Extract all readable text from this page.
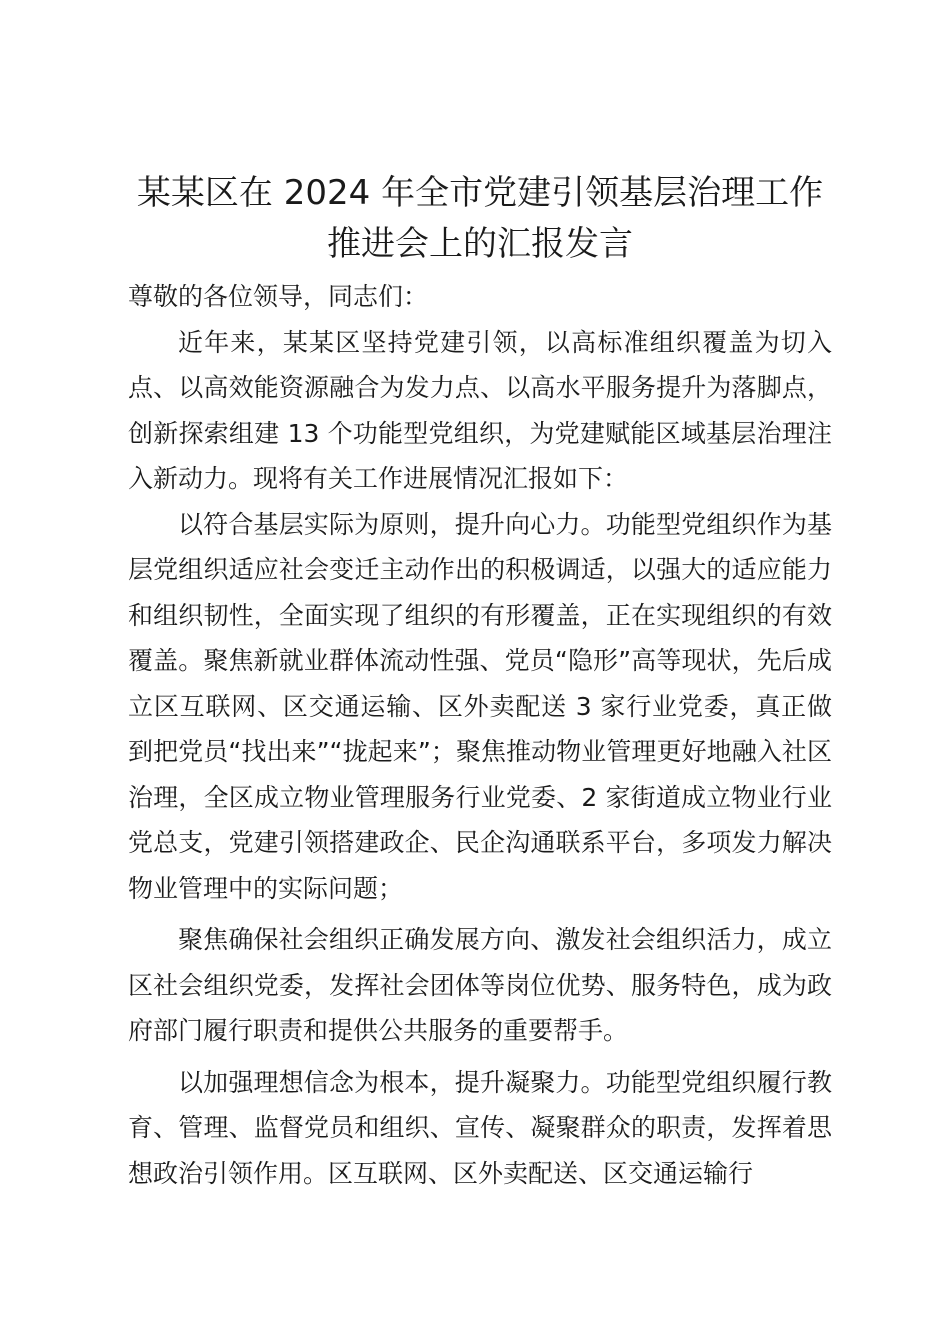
某某区在 2024 年全市党建引领基层治理工作
推进会上的汇报发言

尊敬的各位领导，同志们：

近年来，某某区坚持党建引领，以高标准组织覆盖为切入点、以高效能资源融合为发力点、以高水平服务提升为落脚点，创新探索组建 13 个功能型党组织，为党建赋能区域基层治理注入新动力。现将有关工作进展情况汇报如下：

以符合基层实际为原则，提升向心力。功能型党组织作为基层党组织适应社会变迁主动作出的积极调适，以强大的适应能力和组织韧性，全面实现了组织的有形覆盖，正在实现组织的有效覆盖。聚焦新就业群体流动性强、党员“隐形”高等现状，先后成立区互联网、区交通运输、区外卖配送 3 家行业党委，真正做到把党员“找出来”“拢起来”；聚焦推动物业管理更好地融入社区治理，全区成立物业管理服务行业党委、2 家街道成立物业行业党总支，党建引领搭建政企、民企沟通联系平台，多项发力解决物业管理中的实际问题；

聚焦确保社会组织正确发展方向、激发社会组织活力，成立区社会组织党委，发挥社会团体等岗位优势、服务特色，成为政府部门履行职责和提供公共服务的重要帮手。

以加强理想信念为根本，提升凝聚力。功能型党组织履行教育、管理、监督党员和组织、宣传、凝聚群众的职责，发挥着思想政治引领作用。区互联网、区外卖配送、区交通运输行
